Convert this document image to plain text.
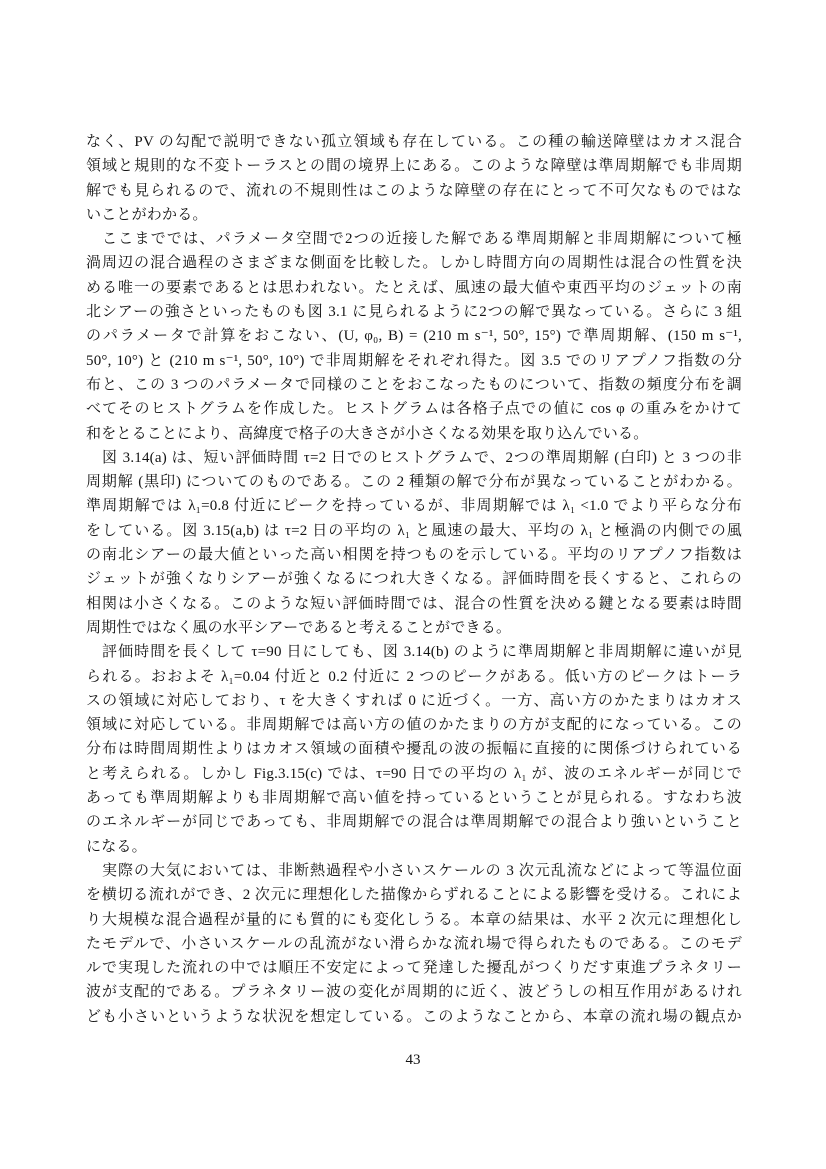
なく、PV の勾配で説明できない孤立領域も存在している。この種の輸送障壁はカオス混合
領域と規則的な不変トーラスとの間の境界上にある。このような障壁は準周期解でも非周期
解でも見られるので、流れの不規則性はこのような障壁の存在にとって不可欠なものではな
いことがわかる。
ここまででは、パラメータ空間で2つの近接した解である準周期解と非周期解について極
渦周辺の混合過程のさまざまな側面を比較した。しかし時間方向の周期性は混合の性質を決
める唯一の要素であるとは思われない。たとえば、風速の最大値や東西平均のジェットの南
北シアーの強さといったものも図 3.1 に見られるように2つの解で異なっている。さらに 3 組
のパラメータで計算をおこない、(U, φ₀, B) = (210 m s⁻¹, 50°, 15°) で準周期解、(150 m s⁻¹,
50°, 10°) と (210 m s⁻¹, 50°, 10°) で非周期解をそれぞれ得た。図 3.5 でのリアプノフ指数の分
布と、この 3 つのパラメータで同様のことをおこなったものについて、指数の頻度分布を調
べてそのヒストグラムを作成した。ヒストグラムは各格子点での値に cos φ の重みをかけて
和をとることにより、高緯度で格子の大きさが小さくなる効果を取り込んでいる。
図 3.14(a) は、短い評価時間 τ=2 日でのヒストグラムで、2つの準周期解 (白印) と 3 つの非
周期解 (黒印) についてのものである。この 2 種類の解で分布が異なっていることがわかる。
準周期解では λ₁=0.8 付近にピークを持っているが、非周期解では λ₁ <1.0 でより平らな分布
をしている。図 3.15(a,b) は τ=2 日の平均の λ₁ と風速の最大、平均の λ₁ と極渦の内側での風
の南北シアーの最大値といった高い相関を持つものを示している。平均のリアプノフ指数は
ジェットが強くなりシアーが強くなるにつれ大きくなる。評価時間を長くすると、これらの
相関は小さくなる。このような短い評価時間では、混合の性質を決める鍵となる要素は時間
周期性ではなく風の水平シアーであると考えることができる。
評価時間を長くして τ=90 日にしても、図 3.14(b) のように準周期解と非周期解に違いが見
られる。おおよそ λ₁=0.04 付近と 0.2 付近に 2 つのピークがある。低い方のピークはトーラ
スの領域に対応しており、τ を大きくすれば 0 に近づく。一方、高い方のかたまりはカオス
領域に対応している。非周期解では高い方の値のかたまりの方が支配的になっている。この
分布は時間周期性よりはカオス領域の面積や擾乱の波の振幅に直接的に関係づけられている
と考えられる。しかし Fig.3.15(c) では、τ=90 日での平均の λ₁ が、波のエネルギーが同じで
あっても準周期解よりも非周期解で高い値を持っているということが見られる。すなわち波
のエネルギーが同じであっても、非周期解での混合は準周期解での混合より強いということ
になる。
実際の大気においては、非断熱過程や小さいスケールの 3 次元乱流などによって等温位面
を横切る流れができ、2 次元に理想化した描像からずれることによる影響を受ける。これによ
り大規模な混合過程が量的にも質的にも変化しうる。本章の結果は、水平 2 次元に理想化し
たモデルで、小さいスケールの乱流がない滑らかな流れ場で得られたものである。このモデ
ルで実現した流れの中では順圧不安定によって発達した擾乱がつくりだす東進プラネタリー
波が支配的である。プラネタリー波の変化が周期的に近く、波どうしの相互作用があるけれ
ども小さいというような状況を想定している。このようなことから、本章の流れ場の観点か
43
